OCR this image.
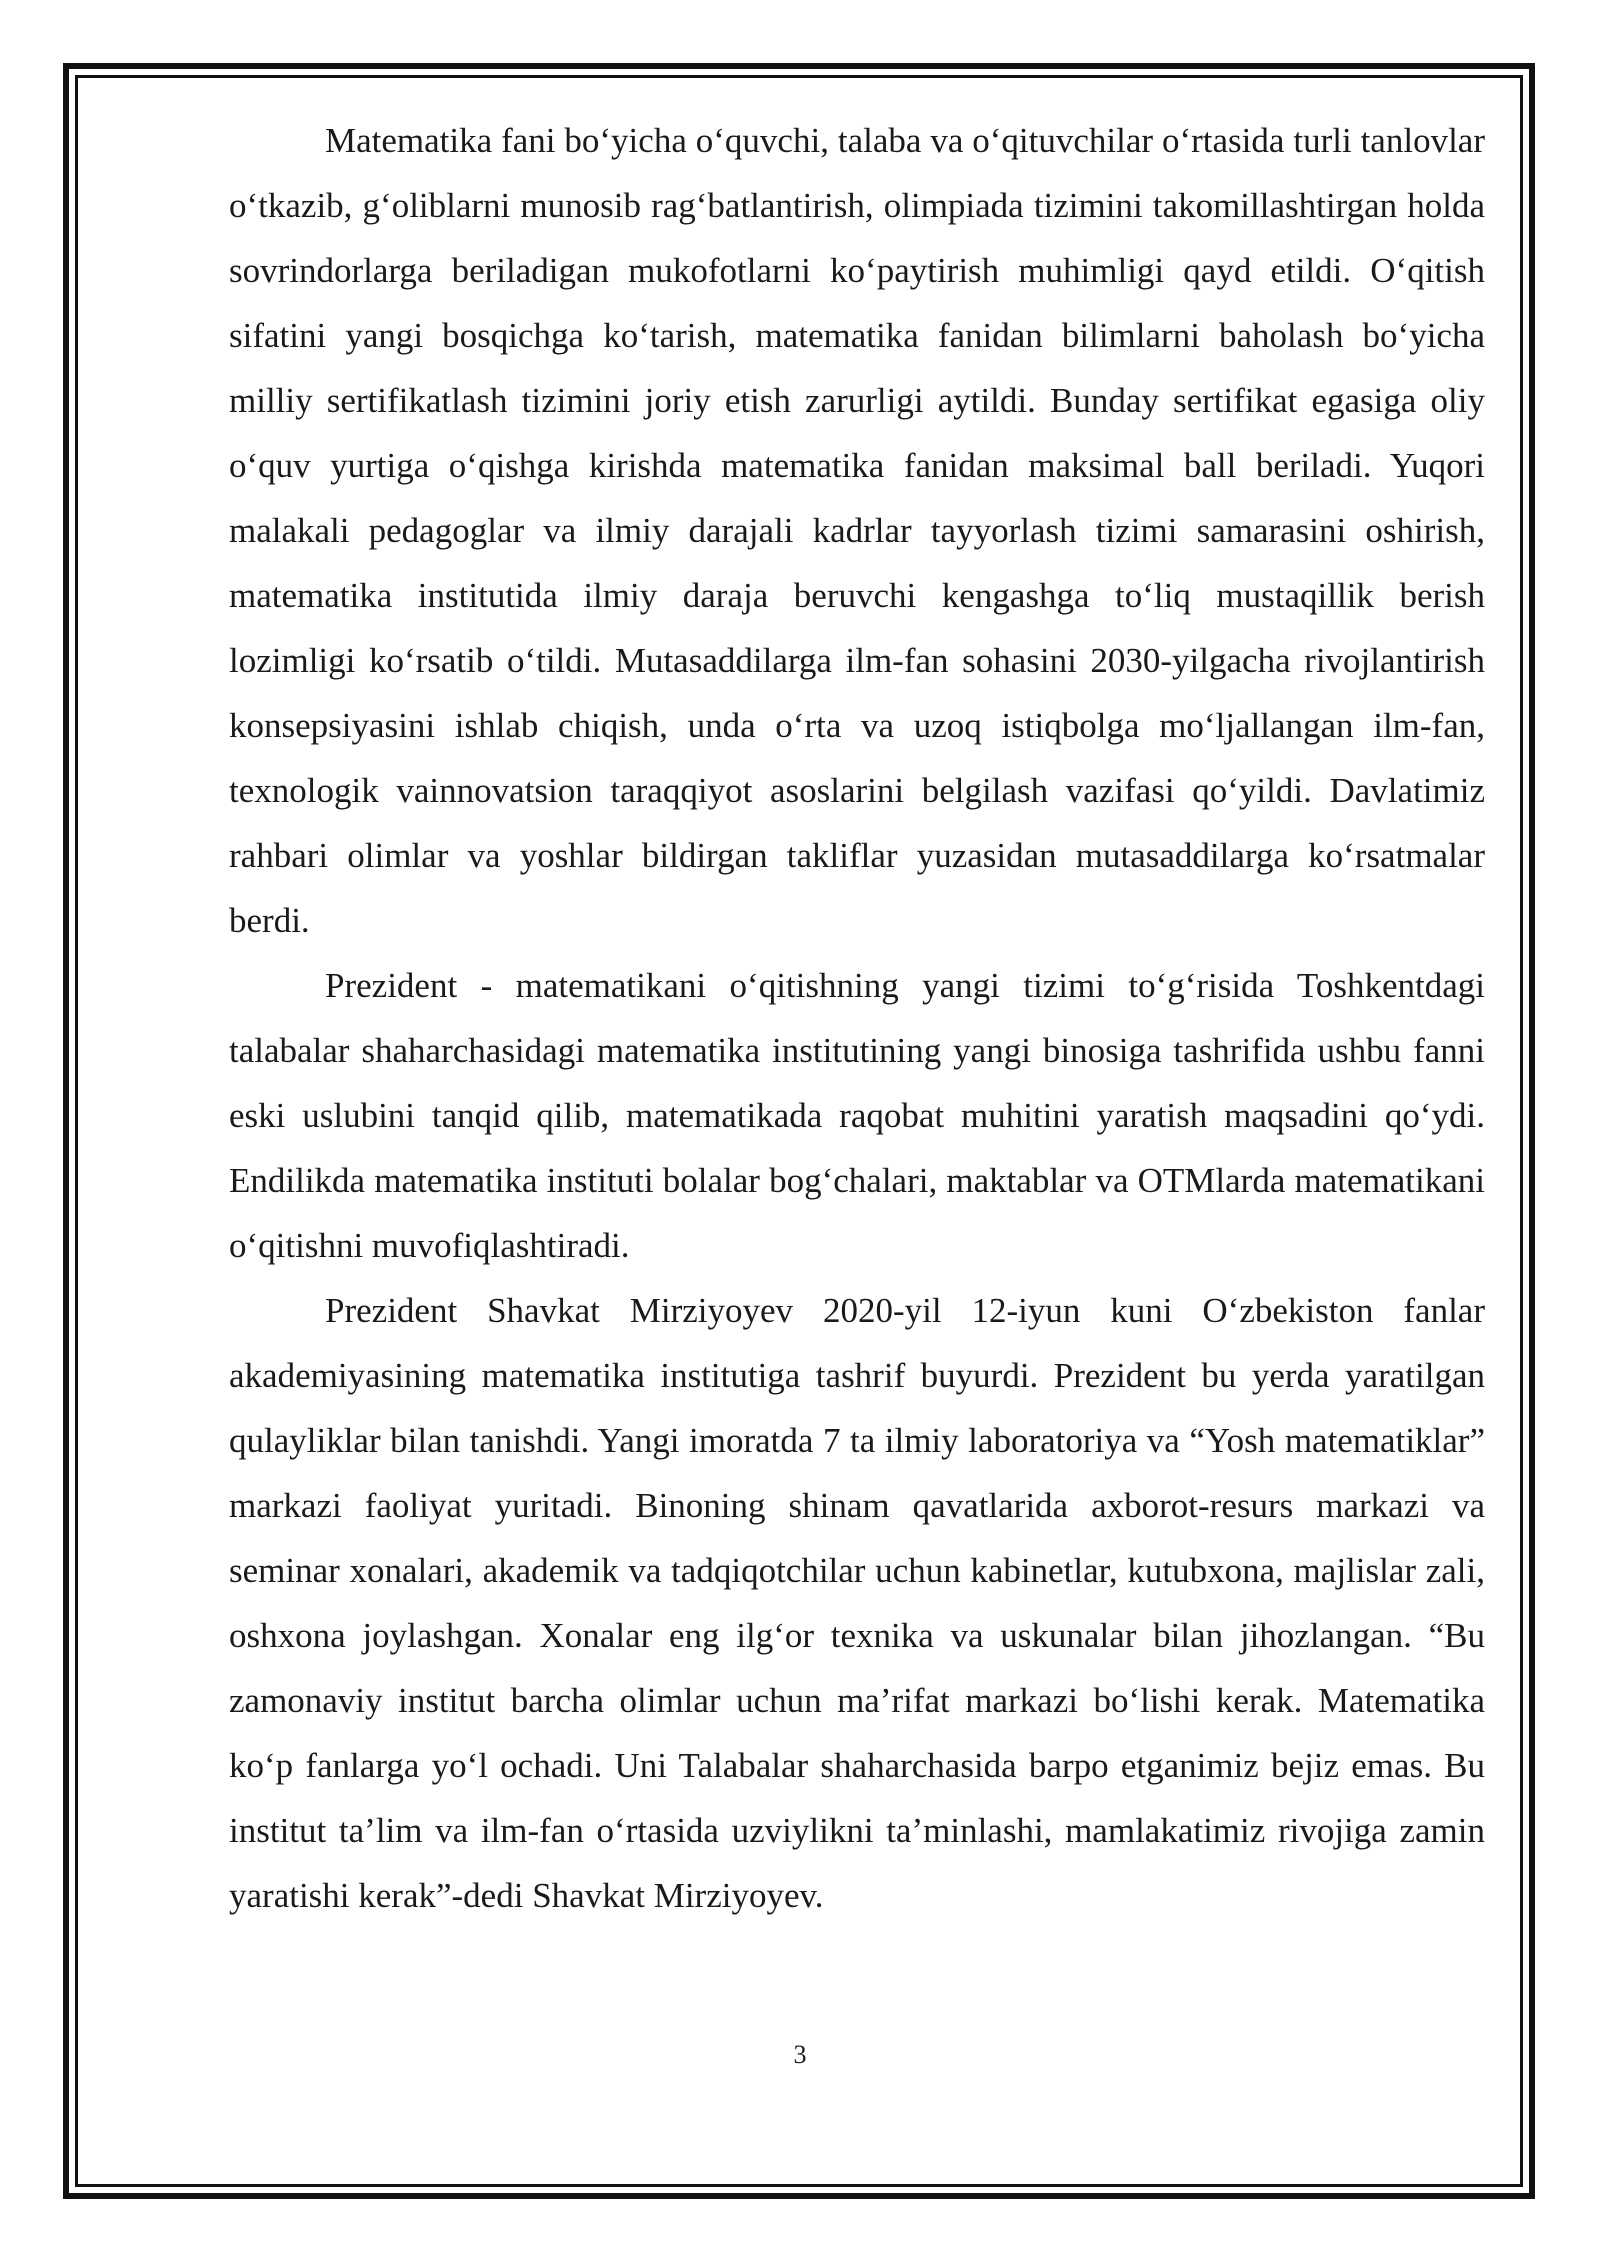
Matematika fani bo‘yicha o‘quvchi, talaba va o‘qituvchilar o‘rtasida turli tanlovlar o‘tkazib, g‘oliblarni munosib rag‘batlantirish, olimpiada tizimini takomillashtirgan holda sovrindorlarga beriladigan mukofotlarni ko‘paytirish muhimligi qayd etildi. O‘qitish sifatini yangi bosqichga ko‘tarish, matematika fanidan bilimlarni baholash bo‘yicha milliy sertifikatlash tizimini joriy etish zarurligi aytildi. Bunday sertifikat egasiga oliy o‘quv yurtiga o‘qishga kirishda matematika fanidan maksimal ball beriladi. Yuqori malakali pedagoglar va ilmiy darajali kadrlar tayyorlash tizimi samarasini oshirish, matematika institutida ilmiy daraja beruvchi kengashga to‘liq mustaqillik berish lozimligi ko‘rsatib o‘tildi. Mutasaddilarga ilm-fan sohasini 2030-yilgacha rivojlantirish konsepsiyasini ishlab chiqish, unda o‘rta va uzoq istiqbolga mo‘ljallangan ilm-fan, texnologik vainnovatsion taraqqiyot asoslarini belgilash vazifasi qo‘yildi. Davlatimiz rahbari olimlar va yoshlar bildirgan takliflar yuzasidan mutasaddilarga ko‘rsatmalar berdi.

Prezident - matematikani o‘qitishning yangi tizimi to‘g‘risida Toshkentdagi talabalar shaharchasidagi matematika institutining yangi binosiga tashrifida ushbu fanni eski uslubini tanqid qilib, matematikada raqobat muhitini yaratish maqsadini qo‘ydi. Endilikda matematika instituti bolalar bog‘chalari, maktablar va OTMlarda matematikani o‘qitishni muvofiqlashtiradi.

Prezident Shavkat Mirziyoyev 2020-yil 12-iyun kuni O‘zbekiston fanlar akademiyasining matematika institutiga tashrif buyurdi. Prezident bu yerda yaratilgan qulayliklar bilan tanishdi. Yangi imoratda 7 ta ilmiy laboratoriya va “Yosh matematiklar” markazi faoliyat yuritadi. Binoning shinam qavatlarida axborot-resurs markazi va seminar xonalari, akademik va tadqiqotchilar uchun kabinetlar, kutubxona, majlislar zali, oshxona joylashgan. Xonalar eng ilg‘or texnika va uskunalar bilan jihozlangan. “Bu zamonaviy institut barcha olimlar uchun ma’rifat markazi bo‘lishi kerak. Matematika ko‘p fanlarga yo‘l ochadi. Uni Talabalar shaharchasida barpo etganimiz bejiz emas. Bu institut ta’lim va ilm-fan o‘rtasida uzviylikni ta’minlashi, mamlakatimiz rivojiga zamin yaratishi kerak”-dedi Shavkat Mirziyoyev.

3
